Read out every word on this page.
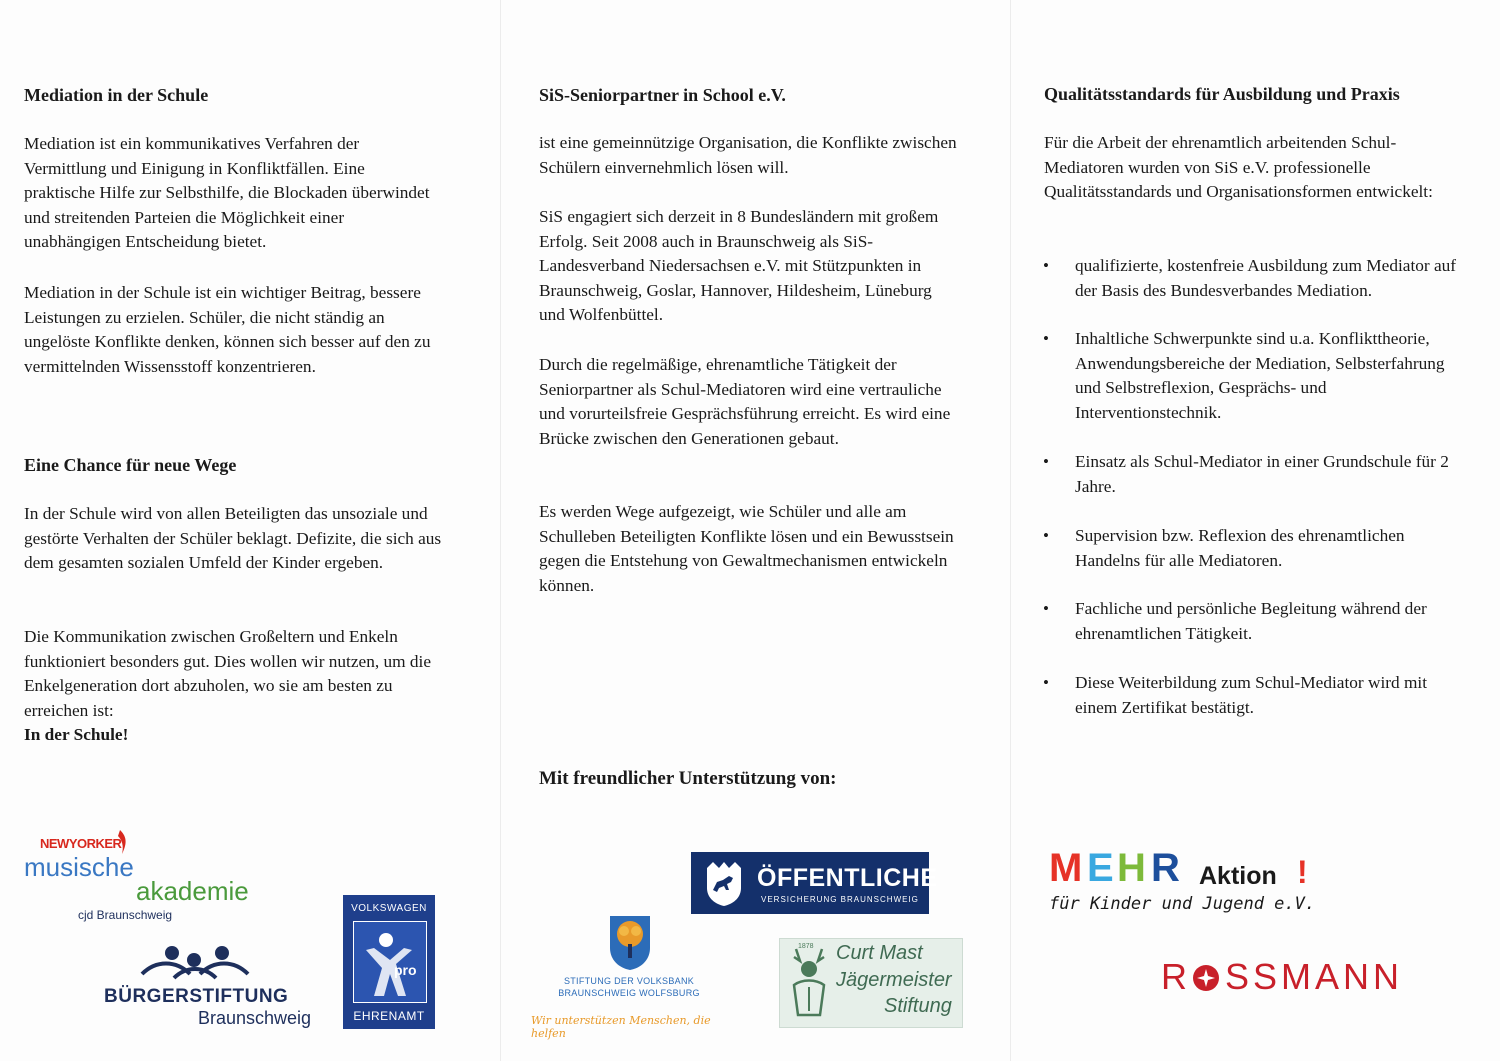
Mediation in der Schule

Mediation ist ein kommunikatives Verfahren der Vermittlung und Einigung in Konfliktfällen. Eine praktische Hilfe zur Selbsthilfe, die Blockaden überwindet und streitenden Parteien die Möglichkeit einer unabhängigen Entscheidung bietet.

Mediation in der Schule ist ein wichtiger Beitrag, bessere Leistungen zu erzielen. Schüler, die nicht ständig an ungelöste Konflikte denken, können sich besser auf den zu vermittelnden Wissensstoff konzentrieren.

Eine Chance für neue Wege

In der Schule wird von allen Beteiligten das unsoziale und gestörte Verhalten der Schüler beklagt. Defizite, die sich aus dem gesamten sozialen Umfeld der Kinder ergeben.

Die Kommunikation zwischen Großeltern und Enkeln funktioniert besonders gut. Dies wollen wir nutzen, um die Enkelgeneration dort abzuholen, wo sie am besten zu erreichen ist:

In der Schule!

NEWYORKER
musische
akademie
cjd Braunschweig
BÜRGERSTIFTUNG
Braunschweig
VOLKSWAGEN
pro
EHRENAMT
SiS-Seniorpartner in School e.V.

ist eine gemeinnützige Organisation, die Konflikte zwischen Schülern einvernehmlich lösen will.

SiS engagiert sich derzeit in 8 Bundesländern mit großem Erfolg. Seit 2008 auch in Braunschweig als SiS-Landesverband Niedersachsen e.V. mit Stützpunkten in Braunschweig, Goslar, Hannover, Hildesheim, Lüneburg und Wolfenbüttel.

Durch die regelmäßige, ehrenamtliche Tätigkeit der Seniorpartner als Schul-Mediatoren wird eine vertrauliche und vorurteilsfreie Gesprächsführung erreicht. Es wird eine Brücke zwischen den Generationen gebaut.

Es werden Wege aufgezeigt, wie Schüler und alle am Schulleben Beteiligten Konflikte lösen und ein Bewusstsein gegen die Entstehung von Gewaltmechanismen entwickeln können.

Mit freundlicher Unterstützung von:
ÖFFENTLICHE
VERSICHERUNG BRAUNSCHWEIG
STIFTUNG DER VOLKSBANK
BRAUNSCHWEIG WOLFSBURG
Wir unterstützen Menschen, die helfen
1878 Curt Mast
Jägermeister
Stiftung
Qualitätsstandards für Ausbildung und Praxis

Für die Arbeit der ehrenamtlich arbeitenden Schul-Mediatoren wurden von SiS e.V. professionelle Qualitätsstandards und Organisationsformen entwickelt:

• qualifizierte, kostenfreie Ausbildung zum Mediator auf der Basis des Bundesverbandes Mediation.

• Inhaltliche Schwerpunkte sind u.a. Konflikttheorie, Anwendungsbereiche der Mediation, Selbsterfahrung und Selbstreflexion, Gesprächs- und Interventionstechnik.

• Einsatz als Schul-Mediator in einer Grundschule für 2 Jahre.

• Supervision bzw. Reflexion des ehrenamtlichen Handelns für alle Mediatoren.

• Fachliche und persönliche Begleitung während der ehrenamtlichen Tätigkeit.

• Diese Weiterbildung zum Schul-Mediator wird mit einem Zertifikat bestätigt.

M E H R Aktion !
für Kinder und Jugend e.V.
R SSMANN
